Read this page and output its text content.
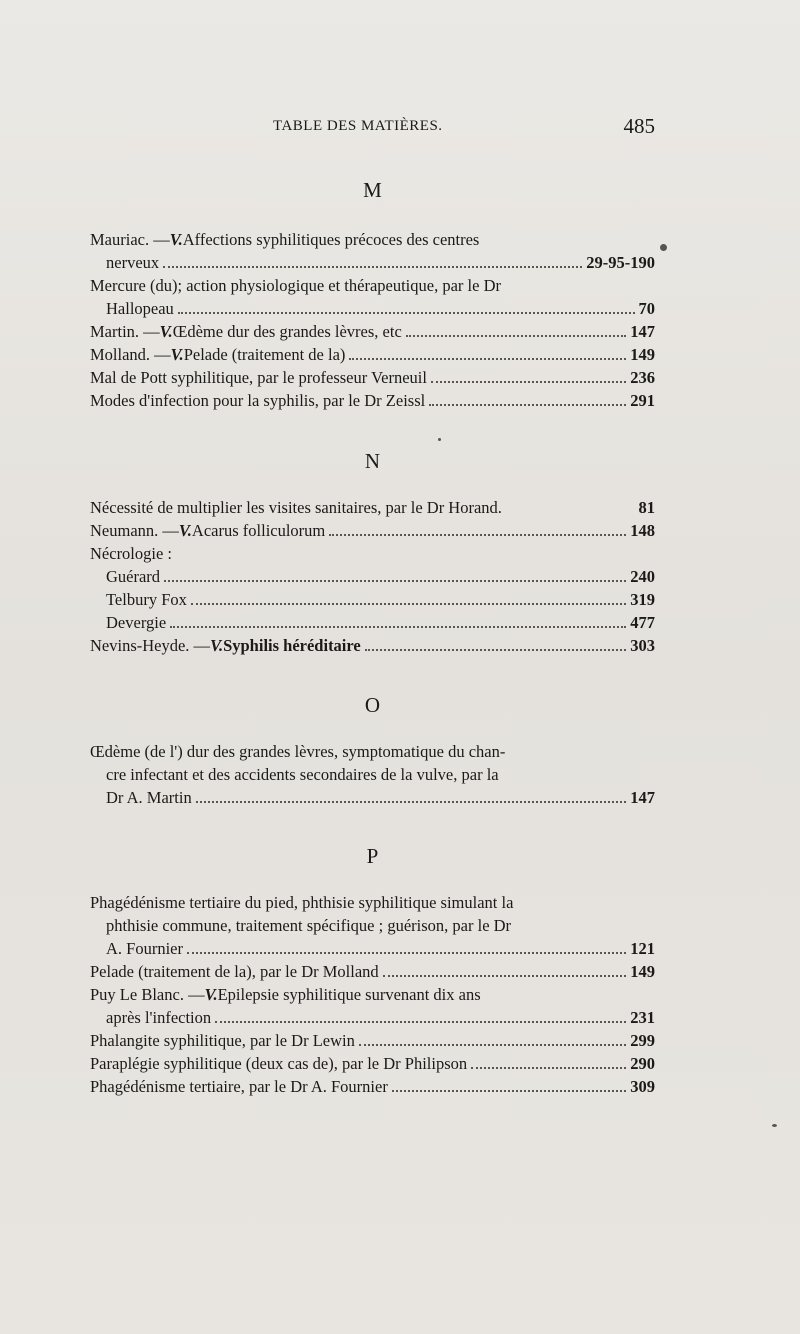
TABLE DES MATIÈRES.	485
M
Mauriac. — V. Affections syphilitiques précoces des centres
nerveux	29-95-190
Mercure (du); action physiologique et thérapeutique, par le Dr
Hallopeau	70
Martin. — V. Œdème dur des grandes lèvres, etc	147
Molland. — V. Pelade (traitement de la)	149
Mal de Pott syphilitique, par le professeur Verneuil	236
Modes d'infection pour la syphilis, par le Dr Zeissl	291
N
Nécessité de multiplier les visites sanitaires, par le Dr Horand.	81
Neumann. — V. Acarus folliculorum	148
Nécrologie :
Guérard	240
Telbury Fox	319
Devergie	477
Nevins-Heyde. — V. Syphilis héréditaire	303
O
Œdème (de l') dur des grandes lèvres, symptomatique du chan-
cre infectant et des accidents secondaires de la vulve, par la
Dr A. Martin	147
P
Phagédénisme tertiaire du pied, phthisie syphilitique simulant la
phthisie commune, traitement spécifique ; guérison, par le Dr
A. Fournier	121
Pelade (traitement de la), par le Dr Molland	149
Puy Le Blanc. — V. Epilepsie syphilitique survenant dix ans
après l'infection	231
Phalangite syphilitique, par le Dr Lewin	299
Paraplégie syphilitique (deux cas de), par le Dr Philipson	290
Phagédénisme tertiaire, par le Dr A. Fournier	309
